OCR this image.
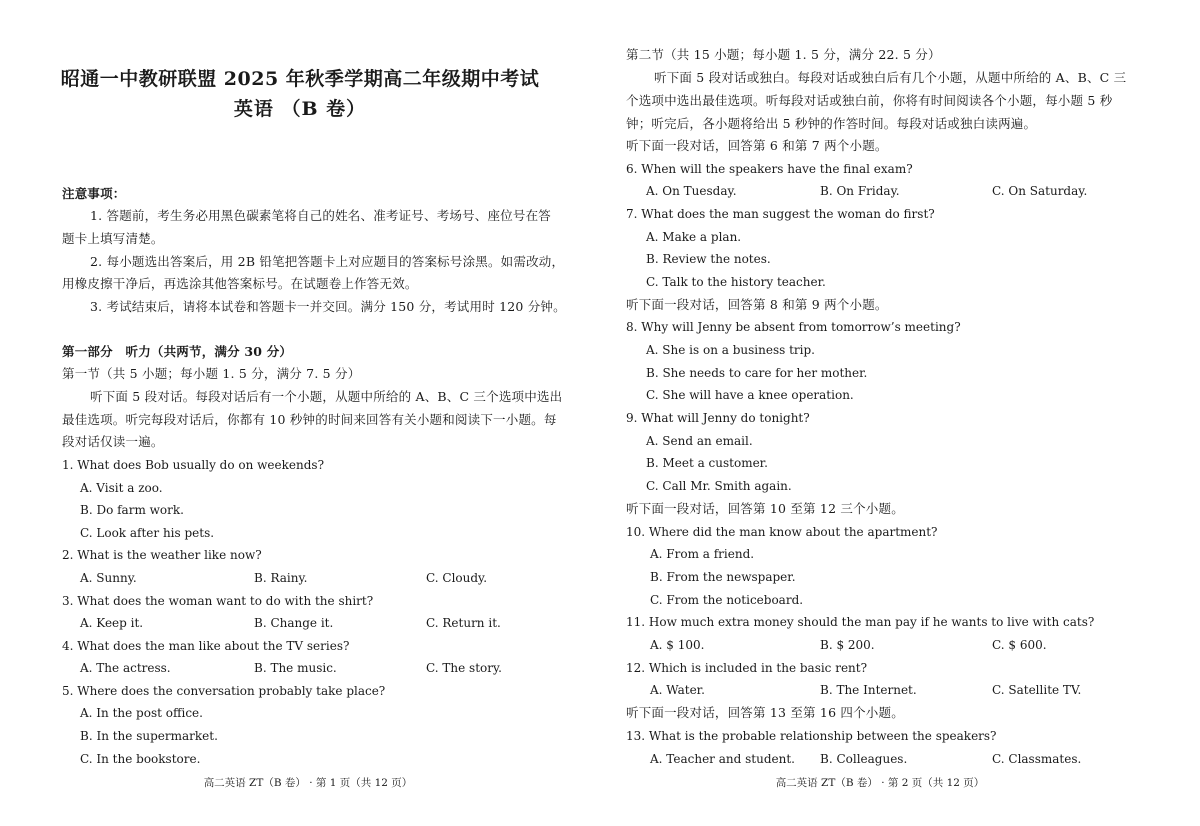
昭通一中教研联盟 2025 年秋季学期高二年级期中考试
英语 （B 卷）
注意事项：
1. 答题前，考生务必用黑色碳素笔将自己的姓名、准考证号、考场号、座位号在答
题卡上填写清楚。
2. 每小题选出答案后，用 2B 铅笔把答题卡上对应题目的答案标号涂黑。如需改动，
用橡皮擦干净后，再选涂其他答案标号。在试题卷上作答无效。
3. 考试结束后，请将本试卷和答题卡一并交回。满分 150 分，考试用时 120 分钟。
第一部分　听力（共两节，满分 30 分）
第一节（共 5 小题；每小题 1. 5 分，满分 7. 5 分）
听下面 5 段对话。每段对话后有一个小题，从题中所给的 A、B、C 三个选项中选出
最佳选项。听完每段对话后，你都有 10 秒钟的时间来回答有关小题和阅读下一小题。每
段对话仅读一遍。
1. What does Bob usually do on weekends?
A. Visit a zoo.
B. Do farm work.
C. Look after his pets.
2. What is the weather like now?
A. Sunny.	B. Rainy.	C. Cloudy.
3. What does the woman want to do with the shirt?
A. Keep it.	B. Change it.	C. Return it.
4. What does the man like about the TV series?
A. The actress.	B. The music.	C. The story.
5. Where does the conversation probably take place?
A. In the post office.
B. In the supermarket.
C. In the bookstore.
高二英语 ZT（B 卷） · 第 1 页（共 12 页）
第二节（共 15 小题；每小题 1. 5 分，满分 22. 5 分）
听下面 5 段对话或独白。每段对话或独白后有几个小题，从题中所给的 A、B、C 三
个选项中选出最佳选项。听每段对话或独白前，你将有时间阅读各个小题，每小题 5 秒
钟；听完后，各小题将给出 5 秒钟的作答时间。每段对话或独白读两遍。
听下面一段对话，回答第 6 和第 7 两个小题。
6. When will the speakers have the final exam?
A. On Tuesday.	B. On Friday.	C. On Saturday.
7. What does the man suggest the woman do first?
A. Make a plan.
B. Review the notes.
C. Talk to the history teacher.
听下面一段对话，回答第 8 和第 9 两个小题。
8. Why will Jenny be absent from tomorrow’s meeting?
A. She is on a business trip.
B. She needs to care for her mother.
C. She will have a knee operation.
9. What will Jenny do tonight?
A. Send an email.
B. Meet a customer.
C. Call Mr. Smith again.
听下面一段对话，回答第 10 至第 12 三个小题。
10. Where did the man know about the apartment?
A. From a friend.
B. From the newspaper.
C. From the noticeboard.
11. How much extra money should the man pay if he wants to live with cats?
A. $ 100.	B. $ 200.	C. $ 600.
12. Which is included in the basic rent?
A. Water.	B. The Internet.	C. Satellite TV.
听下面一段对话，回答第 13 至第 16 四个小题。
13. What is the probable relationship between the speakers?
A. Teacher and student. B. Colleagues.	C. Classmates.
高二英语 ZT（B 卷） · 第 2 页（共 12 页）
